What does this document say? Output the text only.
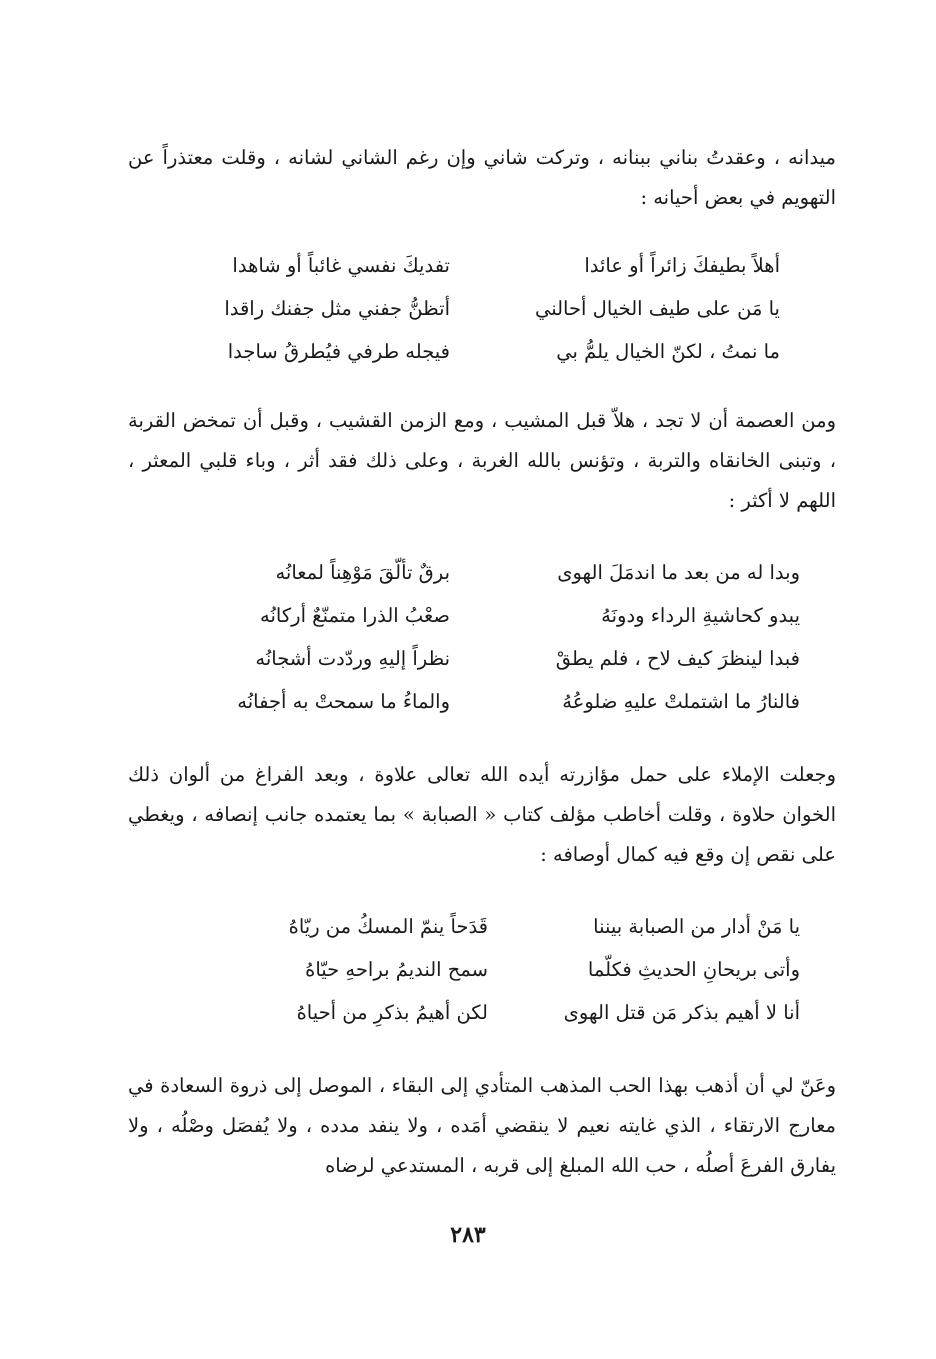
ميدانه ، وعقدتُ بناني ببنانه ، وتركت شاني وإن رغم الشاني لشانه ، وقلت معتذراً عن التهويم في بعض أحيانه :

أهلاً بطيفكَ زائراً أو عائدا
تفديكَ نفسي غائباً أو شاهدا
يا مَن على طيف الخيال أحالني
أتظنُّ جفني مثل جفنك راقدا
ما نمتُ ، لكنّ الخيال يلمُّ بي
فيجله طرفي فيُطرقُ ساجدا

ومن العصمة أن لا تجد ، هلاّ قبل المشيب ، ومع الزمن القشيب ، وقبل أن تمخض القربة ، وتبنى الخانقاه والتربة ، وتؤنس بالله الغربة ، وعلى ذلك فقد أثر ، وباء قلبي المعثر ، اللهم لا أكثر :

وبدا له من بعد ما اندمَلَ الهوى
برقٌ تألّقَ مَوْهِناً لمعانُه
يبدو كحاشيةِ الرداء ودونَهُ
صعْبُ الذرا متمنّعٌ أركانُه
فبدا لينظرَ كيف لاح ، فلم يطقْ
نظراً إليهِ وردّدت أشجانُه
فالنارُ ما اشتملتْ عليهِ ضلوعُهُ
والماءُ ما سمحتْ به أجفانُه

وجعلت الإملاء على حمل مؤازرته أيده الله تعالى علاوة ، وبعد الفراغ من ألوان ذلك الخوان حلاوة ، وقلت أخاطب مؤلف كتاب « الصبابة » بما يعتمده جانب إنصافه ، ويغطي على نقص إن وقع فيه كمال أوصافه :

يا مَنْ أدار من الصبابة بيننا
قَدَحاً ينمّ المسكُ من ريّاهُ
وأتى بريحانِ الحديثِ فكلّما
سمح النديمُ براحهِ حيّاهُ
أنا لا أهيم بذكر مَن قتل الهوى
لكن أهيمُ بذكرِ من أحياهُ

وعَنّ لي أن أذهب بهذا الحب المذهب المتأدي إلى البقاء ، الموصل إلى ذروة السعادة في معارج الارتقاء ، الذي غايته نعيم لا ينقضي أمَده ، ولا ينفد مدده ، ولا يُفصَل وصْلُه ، ولا يفارق الفرعَ أصلُه ، حب الله المبلغ إلى قربه ، المستدعي لرضاه

٢٨٣
